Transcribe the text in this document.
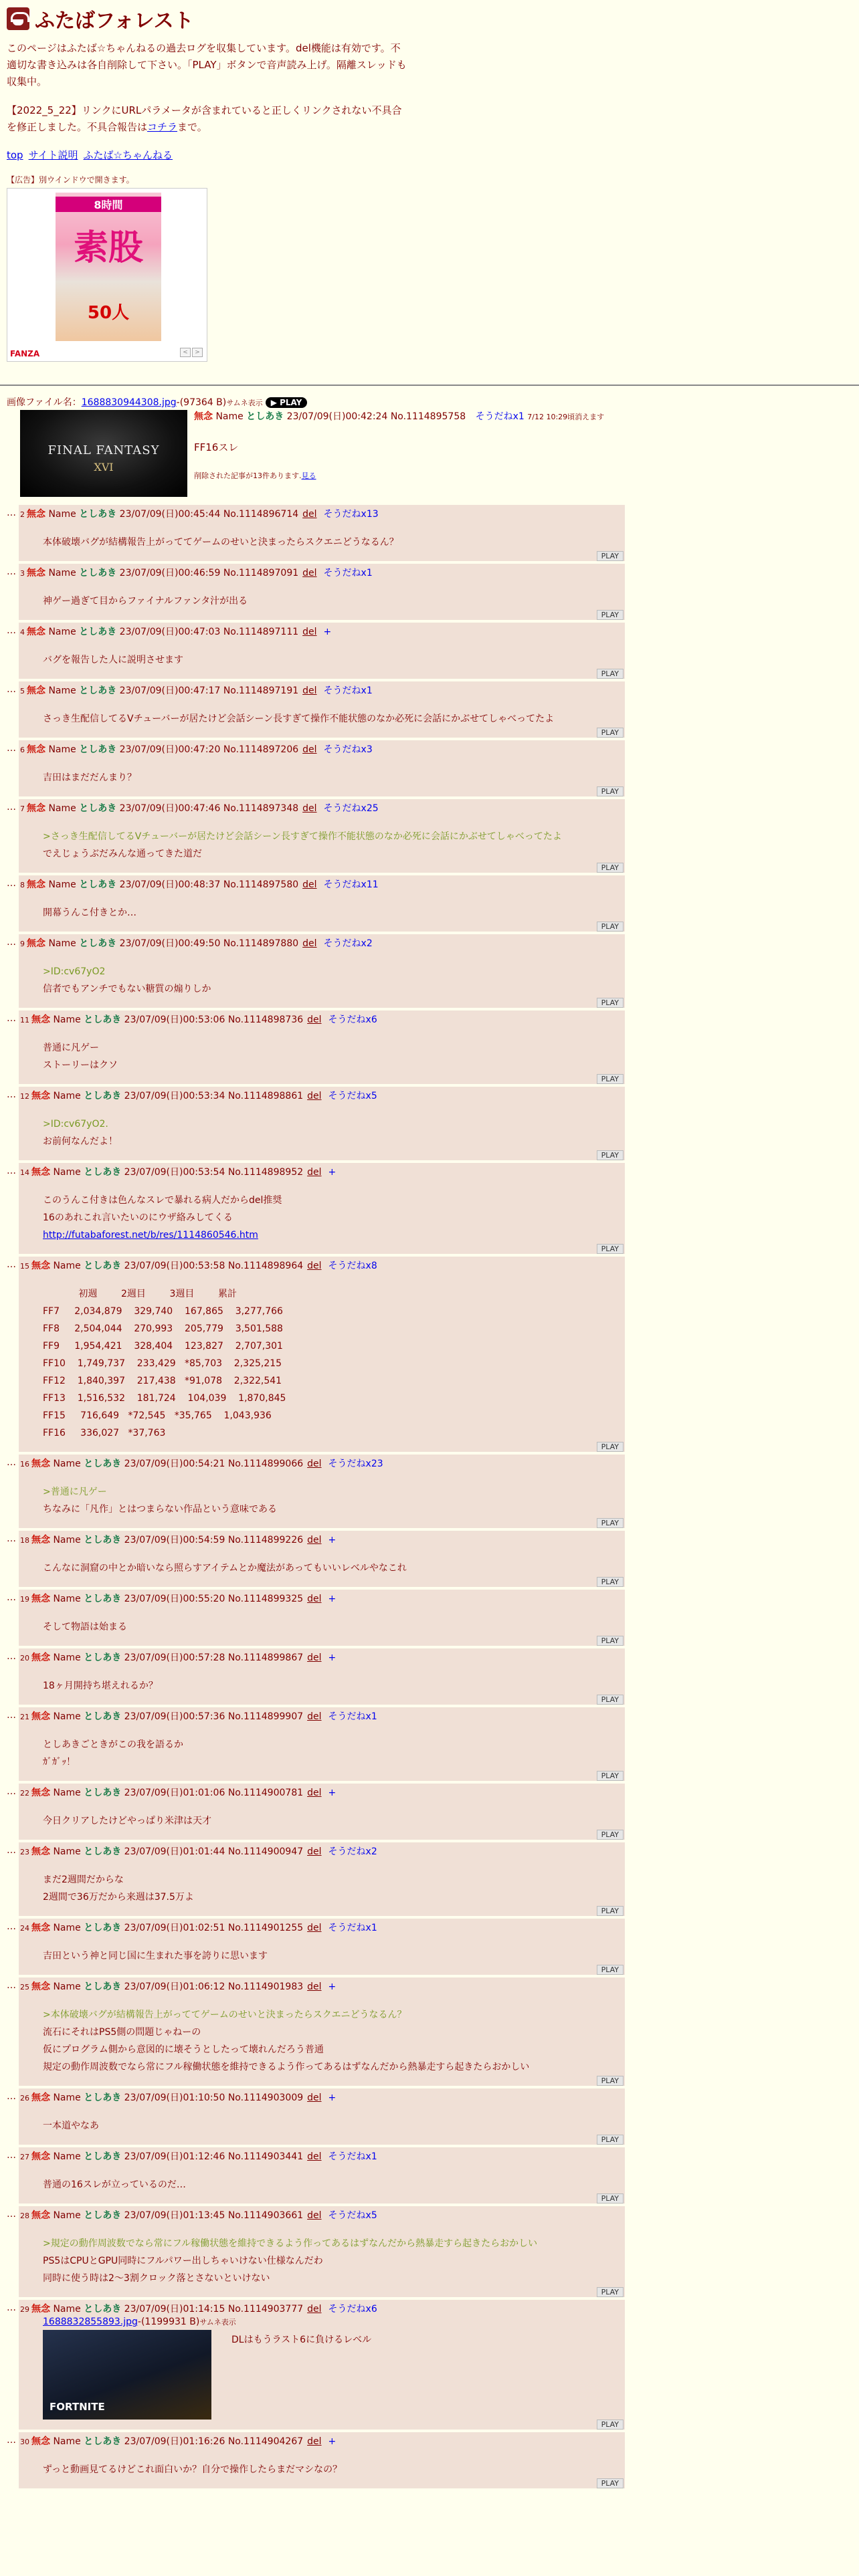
ふたばフォレスト
このページはふたば☆ちゃんねるの過去ログを収集しています。del機能は有効です。不適切な書き込みは各自削除して下さい。「PLAY」ボタンで音声読み上げ。隔離スレッドも収集中。
【2022_5_22】リンクにURLパラメータが含まれていると正しくリンクされない不具合を修正しました。不具合報告はコチラまで。
top サイト説明 ふたば☆ちゃんねる
【広告】別ウインドウで開きます。
8時間
素股
50人
FANZA	<	>
画像ファイル名：1688830944308.jpg-(97364 B)サムネ表示 ▶ PLAY
FINAL FANTASY
XVI
無念 Name としあき 23/07/09(日)00:42:24 No.1114895758 そうだねx1 7/12 10:29頃消えます
FF16スレ
削除された記事が13件あります.見る
… 2 無念 Name としあき 23/07/09(日)00:45:44 No.1114896714 del そうだねx13
本体破壊バグが結構報告上がっててゲームのせいと決まったらスクエニどうなるん？
PLAY
… 3 無念 Name としあき 23/07/09(日)00:46:59 No.1114897091 del そうだねx1
神ゲー過ぎて目からファイナルファンタ汁が出る
PLAY
… 4 無念 Name としあき 23/07/09(日)00:47:03 No.1114897111 del +
バグを報告した人に説明させます
PLAY
… 5 無念 Name としあき 23/07/09(日)00:47:17 No.1114897191 del そうだねx1
さっき生配信してるVチューバーが居たけど会話シーン長すぎて操作不能状態のなか必死に会話にかぶせてしゃべってたよ
PLAY
… 6 無念 Name としあき 23/07/09(日)00:47:20 No.1114897206 del そうだねx3
吉田はまだだんまり？
PLAY
… 7 無念 Name としあき 23/07/09(日)00:47:46 No.1114897348 del そうだねx25
>さっき生配信してるVチューバーが居たけど会話シーン長すぎて操作不能状態のなか必死に会話にかぶせてしゃべってたよ
でえじょうぶだみんな通ってきた道だ
PLAY
… 8 無念 Name としあき 23/07/09(日)00:48:37 No.1114897580 del そうだねx11
開幕うんこ付きとか…
PLAY
… 9 無念 Name としあき 23/07/09(日)00:49:50 No.1114897880 del そうだねx2
>ID:cv67yO2
信者でもアンチでもない糖質の煽りしか
PLAY
… 11 無念 Name としあき 23/07/09(日)00:53:06 No.1114898736 del そうだねx6
普通に凡ゲー
ストーリーはクソ
PLAY
… 12 無念 Name としあき 23/07/09(日)00:53:34 No.1114898861 del そうだねx5
>ID:cv67yO2.
お前何なんだよ！
PLAY
… 14 無念 Name としあき 23/07/09(日)00:53:54 No.1114898952 del +
このうんこ付きは色んなスレで暴れる病人だからdel推奨
16のあれこれ言いたいのにウザ絡みしてくる
http://futabaforest.net/b/res/1114860546.htm
PLAY
… 15 無念 Name としあき 23/07/09(日)00:53:58 No.1114898964 del そうだねx8
初週        2週目        3週目        累計
FF7     2,034,879    329,740    167,865    3,277,766
FF8     2,504,044    270,993    205,779    3,501,588
FF9     1,954,421    328,404    123,827    2,707,301
FF10    1,749,737    233,429   *85,703    2,325,215
FF12    1,840,397    217,438   *91,078    2,322,541
FF13    1,516,532    181,724    104,039    1,870,845
FF15     716,649   *72,545   *35,765    1,043,936
FF16     336,027   *37,763
PLAY
… 16 無念 Name としあき 23/07/09(日)00:54:21 No.1114899066 del そうだねx23
>普通に凡ゲー
ちなみに「凡作」とはつまらない作品という意味である
PLAY
… 18 無念 Name としあき 23/07/09(日)00:54:59 No.1114899226 del +
こんなに洞窟の中とか暗いなら照らすアイテムとか魔法があってもいいレベルやなこれ
PLAY
… 19 無念 Name としあき 23/07/09(日)00:55:20 No.1114899325 del +
そして物語は始まる
PLAY
… 20 無念 Name としあき 23/07/09(日)00:57:28 No.1114899867 del +
18ヶ月開持ち堪えれるか？
PLAY
… 21 無念 Name としあき 23/07/09(日)00:57:36 No.1114899907 del そうだねx1
としあきごときがこの我を語るか
ｶﾞｶﾞｯ！
PLAY
… 22 無念 Name としあき 23/07/09(日)01:01:06 No.1114900781 del +
今日クリアしたけどやっぱり米津は天才
PLAY
… 23 無念 Name としあき 23/07/09(日)01:01:44 No.1114900947 del そうだねx2
まだ2週間だからな
2週間で36万だから来週は37.5万よ
PLAY
… 24 無念 Name としあき 23/07/09(日)01:02:51 No.1114901255 del そうだねx1
吉田という神と同じ国に生まれた事を誇りに思います
PLAY
… 25 無念 Name としあき 23/07/09(日)01:06:12 No.1114901983 del +
>本体破壊バグが結構報告上がっててゲームのせいと決まったらスクエニどうなるん？
流石にそれはPS5側の問題じゃねーの
仮にプログラム側から意図的に壊そうとしたって壊れんだろう普通
規定の動作周波数でなら常にフル稼働状態を維持できるよう作ってあるはずなんだから熱暴走すら起きたらおかしい
PLAY
… 26 無念 Name としあき 23/07/09(日)01:10:50 No.1114903009 del +
一本道やなあ
PLAY
… 27 無念 Name としあき 23/07/09(日)01:12:46 No.1114903441 del そうだねx1
普通の16スレが立っているのだ…
PLAY
… 28 無念 Name としあき 23/07/09(日)01:13:45 No.1114903661 del そうだねx5
>規定の動作周波数でなら常にフル稼働状態を維持できるよう作ってあるはずなんだから熱暴走すら起きたらおかしい
PS5はCPUとGPU同時にフルパワー出しちゃいけない仕様なんだわ
同時に使う時は2～3割クロック落とさないといけない
PLAY
… 29 無念 Name としあき 23/07/09(日)01:14:15 No.1114903777 del そうだねx6
1688832855893.jpg-(1199931 B)サムネ表示
FORTNITE
DLはもうラスト6に負けるレベル
PLAY
… 30 無念 Name としあき 23/07/09(日)01:16:26 No.1114904267 del +
ずっと動画見てるけどこれ面白いか？自分で操作したらまだマシなの？
PLAY
